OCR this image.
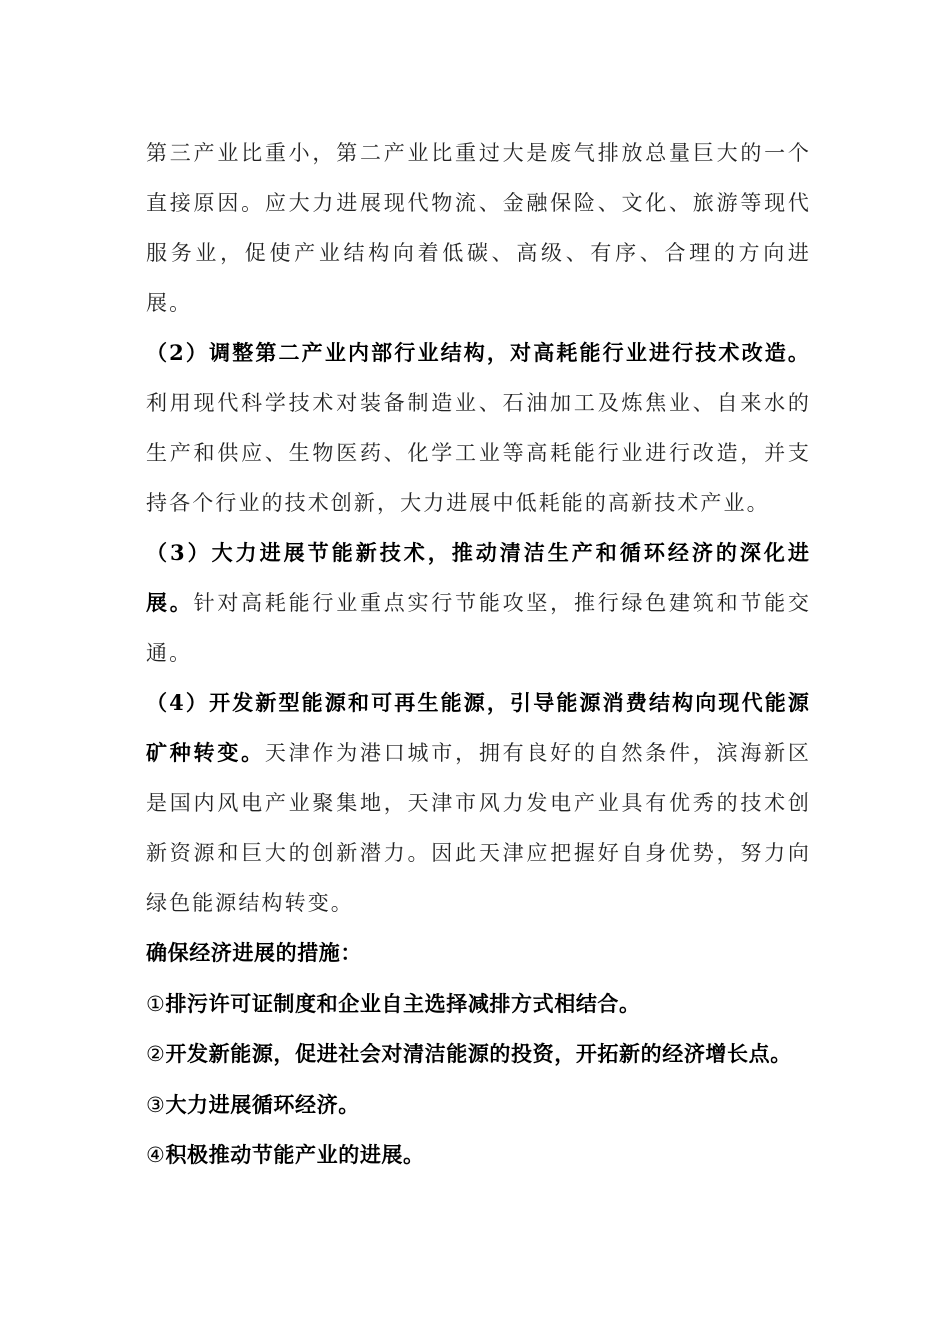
第三产业比重小，第二产业比重过大是废气排放总量巨大的一个直接原因。应大力进展现代物流、金融保险、文化、旅游等现代服务业，促使产业结构向着低碳、高级、有序、合理的方向进展。

（2）调整第二产业内部行业结构，对高耗能行业进行技术改造。利用现代科学技术对装备制造业、石油加工及炼焦业、自来水的生产和供应、生物医药、化学工业等高耗能行业进行改造，并支持各个行业的技术创新，大力进展中低耗能的高新技术产业。

（3）大力进展节能新技术，推动清洁生产和循环经济的深化进展。针对高耗能行业重点实行节能攻坚，推行绿色建筑和节能交通。

（4）开发新型能源和可再生能源，引导能源消费结构向现代能源矿种转变。天津作为港口城市，拥有良好的自然条件，滨海新区是国内风电产业聚集地，天津市风力发电产业具有优秀的技术创新资源和巨大的创新潜力。因此天津应把握好自身优势，努力向绿色能源结构转变。

确保经济进展的措施：

①排污许可证制度和企业自主选择减排方式相结合。

②开发新能源，促进社会对清洁能源的投资，开拓新的经济增长点。

③大力进展循环经济。

④积极推动节能产业的进展。
